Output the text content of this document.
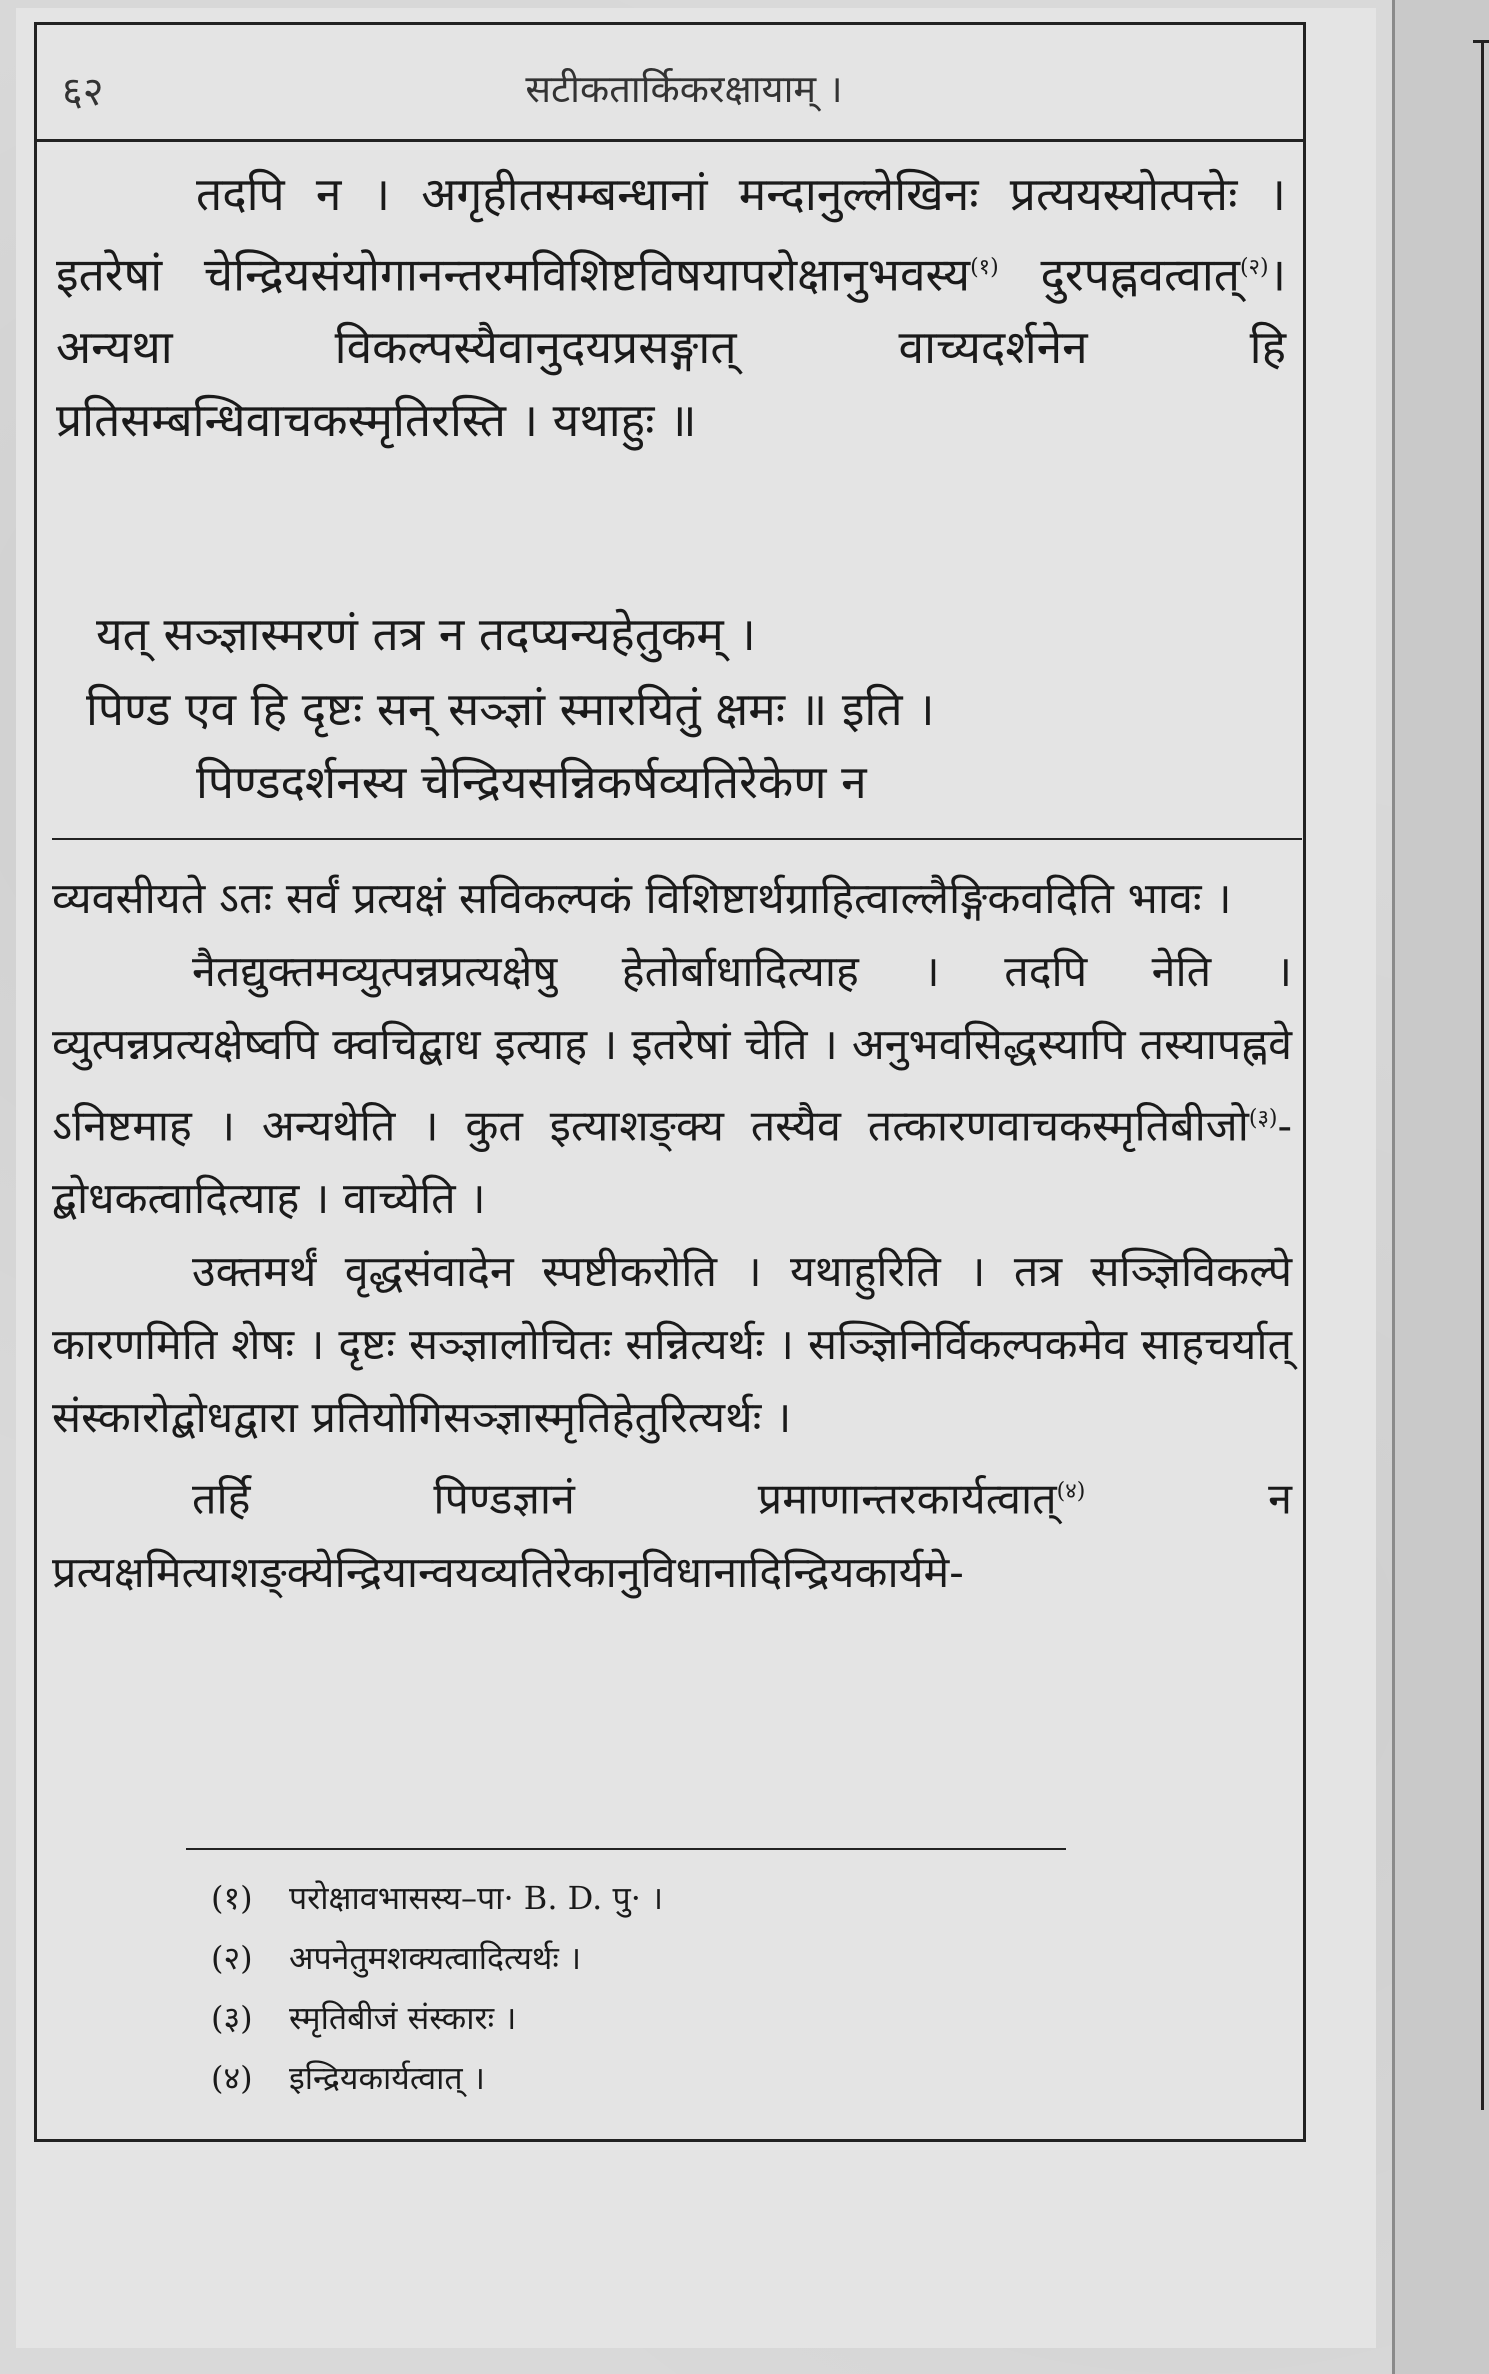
६२	सटीकतार्किकरक्षायाम् ।

तदपि न । अगृहीतसम्बन्धानां मन्दानुल्लेखिनः प्रत्ययस्योत्पत्तेः । इतरेषां चेन्द्रियसंयोगानन्तरमविशिष्टविषयापरोक्षानुभवस्य$^{(१)}$ दुरपह्नवत्वात्$^{(२)}$। अन्यथा विकल्पस्यैवानुदयप्रसङ्गात् वाच्यदर्शनेन हि प्रतिसम्बन्धिवाचकस्मृतिरस्ति । यथाहुः ॥

यत् सञ्ज्ञास्मरणं तत्र न तदप्यन्यहेतुकम् ।
पिण्ड एव हि दृष्टः सन् सञ्ज्ञां स्मारयितुं क्षमः ॥ इति ।
पिण्डदर्शनस्य चेन्द्रियसन्निकर्षव्यतिरेकेण न

व्यवसीयते ऽतः सर्वं प्रत्यक्षं सविकल्पकं विशिष्टार्थग्राहित्वाल्लैङ्गिकवदिति भावः ।

नैतद्युक्तमव्युत्पन्नप्रत्यक्षेषु हेतोर्बाधादित्याह । तदपि नेति । व्युत्पन्नप्रत्यक्षेष्वपि क्वचिद्बाध इत्याह । इतरेषां चेति । अनुभवसिद्धस्यापि तस्यापह्नवे ऽनिष्टमाह । अन्यथेति । कुत इत्याशङ्क्य तस्यैव तत्कारणवाचकस्मृतिबीजो$^{(३)}$-द्बोधकत्वादित्याह । वाच्येति ।

उक्तमर्थं वृद्धसंवादेन स्पष्टीकरोति । यथाहुरिति । तत्र सञ्ज्ञिविकल्पे कारणमिति शेषः । दृष्टः सञ्ज्ञालोचितः सन्नित्यर्थः । सञ्ज्ञिनिर्विकल्पकमेव साहचर्यात् संस्कारोद्बोधद्वारा प्रतियोगिसञ्ज्ञास्मृतिहेतुरित्यर्थः ।

तर्हि पिण्डज्ञानं प्रमाणान्तरकार्यत्वात्$^{(४)}$ न प्रत्यक्षमित्याशङ्क्येन्द्रियान्वयव्यतिरेकानुविधानादिन्द्रियकार्यमे-

(१) परोक्षावभासस्य–पा· B. D. पु· ।
(२) अपनेतुमशक्यत्वादित्यर्थः ।
(३) स्मृतिबीजं संस्कारः ।
(४) इन्द्रियकार्यत्वात् ।
